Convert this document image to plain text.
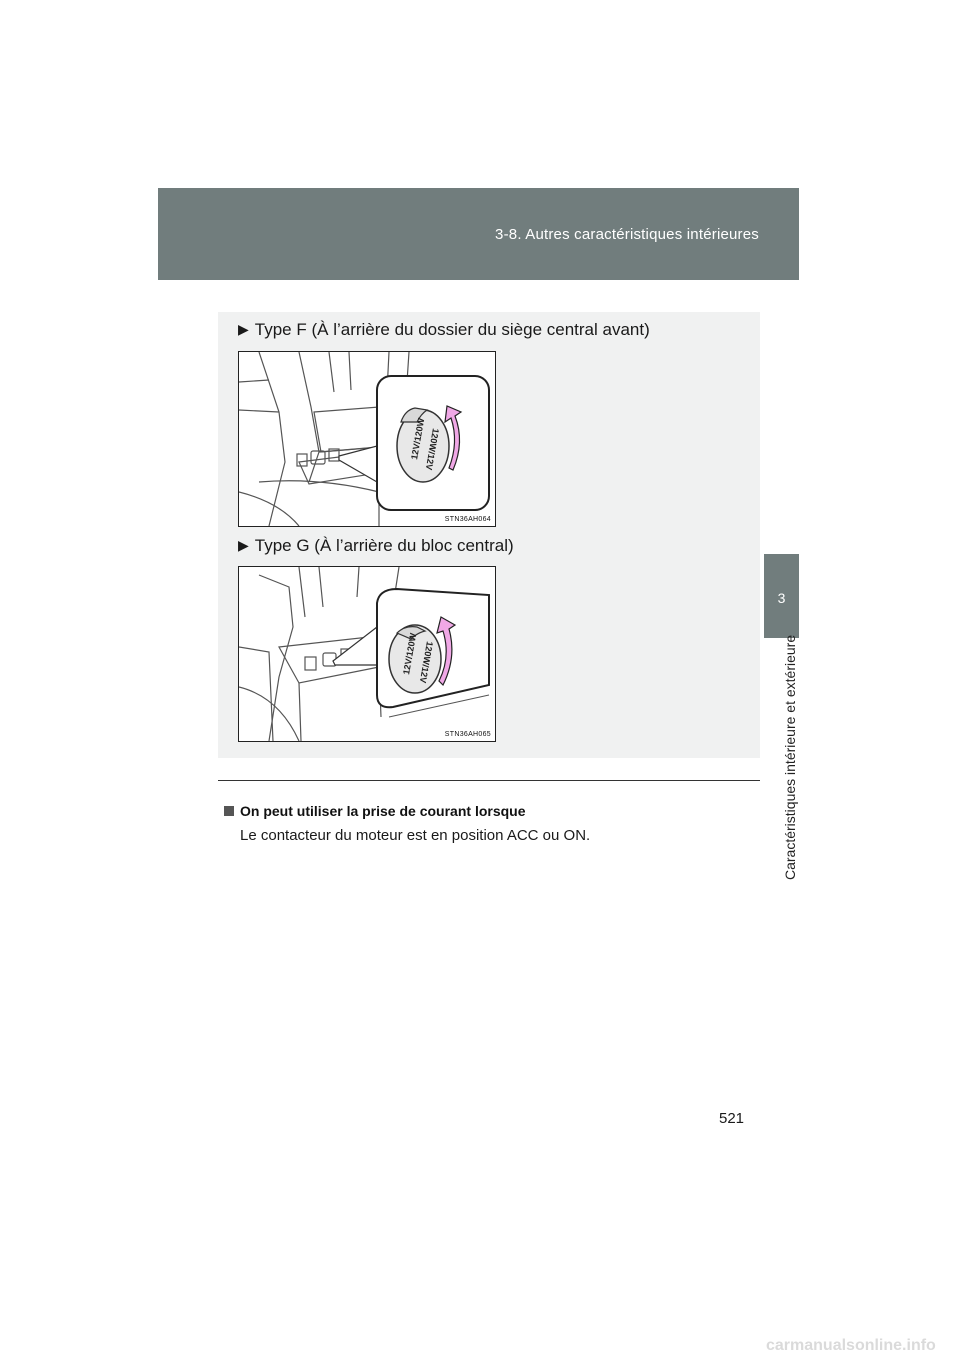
3-8. Autres caractéristiques intérieures
3
Caractéristiques intérieure et extérieure
▶ Type F (À l’arrière du dossier du siège central avant)
12V/120W
120W/12V
STN36AH064
▶ Type G (À l’arrière du bloc central)
12V/120W 120W/12V
STN36AH065
On peut utiliser la prise de courant lorsque
Le contacteur du moteur est en position ACC ou ON.
521
carmanualsonline.info
